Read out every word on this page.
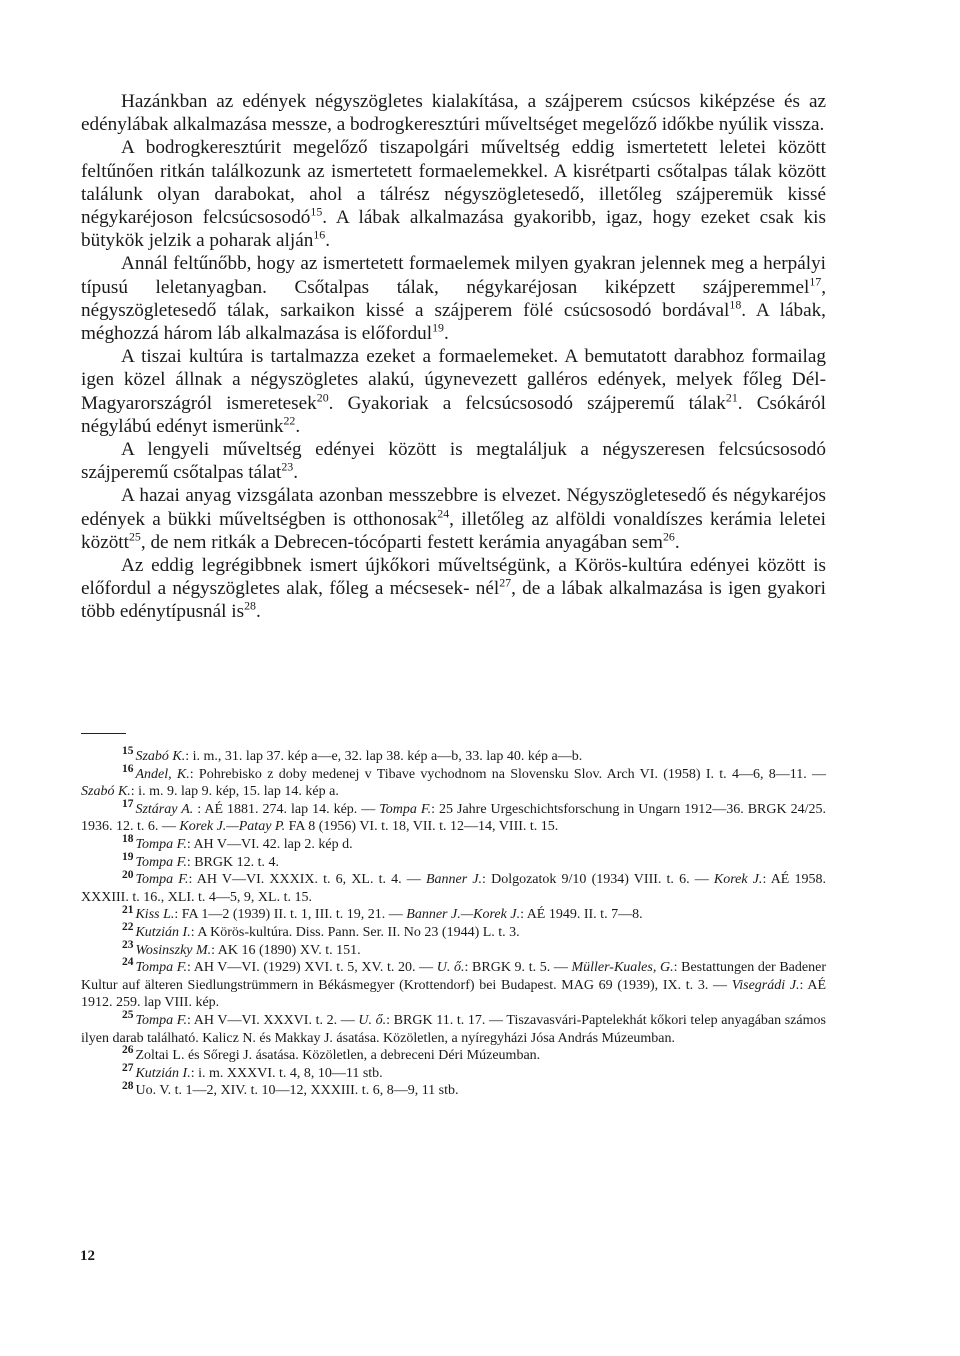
Hazánkban az edények négyszögletes kialakítása, a szájperem csúcsos kiképzése és az edénylábak alkalmazása messze, a bodrogkeresztúri műveltséget megelőző időkbe nyúlik vissza.

A bodrogkeresztúrit megelőző tiszapolgári műveltség eddig ismertetett leletei között feltűnően ritkán találkozunk az ismertetett formaelemekkel. A kisrétparti csőtalpas tálak között találunk olyan darabokat, ahol a tálrész négyszögletesedő, illetőleg szájperemük kissé négykaréjoson felcsúcsosodó$^{15}$. A lábak alkalmazása gyakoribb, igaz, hogy ezeket csak kis bütykök jelzik a poharak alján$^{16}$.

Annál feltűnőbb, hogy az ismertetett formaelemek milyen gyakran jelennek meg a herpályi típusú leletanyagban. Csőtalpas tálak, négykaréjosan kiképzett szájperemmel$^{17}$, négyszögletesedő tálak, sarkaikon kissé a szájperem fölé csúcsosodó bordával$^{18}$. A lábak, méghozzá három láb alkalmazása is előfordul$^{19}$.

A tiszai kultúra is tartalmazza ezeket a formaelemeket. A bemutatott darabhoz formailag igen közel állnak a négyszögletes alakú, úgynevezett galléros edények, melyek főleg Dél-Magyarországról ismeretesek$^{20}$. Gyakoriak a felcsúcsosodó szájperemű tálak$^{21}$. Csókáról négylábú edényt ismerünk$^{22}$.

A lengyeli műveltség edényei között is megtaláljuk a négyszeresen felcsúcsosodó szájperemű csőtalpas tálat$^{23}$.

A hazai anyag vizsgálata azonban messzebbre is elvezet. Négyszögletesedő és négykaréjos edények a bükki műveltségben is otthonosak$^{24}$, illetőleg az alföldi vonaldíszes kerámia leletei között$^{25}$, de nem ritkák a Debrecen-tócóparti festett kerámia anyagában sem$^{26}$.

Az eddig legrégibbnek ismert újkőkori műveltségünk, a Körös-kultúra edényei között is előfordul a négyszögletes alak, főleg a mécsesek- nél$^{27}$, de a lábak alkalmazása is igen gyakori több edénytípusnál $is^{28}$.

$^{15}$ Szabó K.: i. m., 31. lap 37. kép a—e, 32. lap 38. kép a—b, 33. lap 40. kép a—b.

$^{16}$ Andel, K.: Pohrebisko z doby medenej v Tibave vychodnom na Slovensku Slov. Arch VI. (1958) I. t. 4—6, 8—11. — Szabó K.: i. m. 9. lap 9. kép, 15. lap 14. kép a.

$^{17}$ Sztáray A. : AÉ 1881. 274. lap 14. kép. — Tompa F.: 25 Jahre Urgeschichtsforschung in Ungarn 1912—36. BRGK 24/25. 1936. 12. t. 6. — Korek J.—Patay P. FA 8 (1956) VI. t. 18, VII. t. 12—14, VIII. t. 15.

$^{18}$ Tompa F.: AH V—VI. 42. lap 2. kép d.

$^{19}$ Tompa F.: BRGK 12. t. 4.

$^{20}$ Tompa F.: AH V—VI. XXXIX. t. 6, XL. t. 4. — Banner J.: Dolgozatok 9/10 (1934) VIII. t. 6. — Korek J.: AÉ 1958. XXXIII. t. 16., XLI. t. 4—5, 9, XL. t. 15.

$^{21}$ Kiss L.: FA 1—2 (1939) II. t. 1, III. t. 19, 21. — Banner J.—Korek J.: AÉ 1949. II. t. 7—8.

$^{22}$ Kutzián I.: A Körös-kultúra. Diss. Pann. Ser. II. No 23 (1944) L. t. 3.

$^{23}$ Wosinszky M.: AK 16 (1890) XV. t. 151.

$^{24}$ Tompa F.: AH V—VI. (1929) XVI. t. 5, XV. t. 20. — U. ő.: BRGK 9. t. 5. — Müller-Kuales, G.: Bestattungen der Badener Kultur auf älteren Siedlungstrümmern in Békásmegyer (Krottendorf) bei Budapest. MAG 69 (1939), IX. t. 3. — Visegrádi J.: AÉ 1912. 259. lap VIII. kép.

$^{25}$ Tompa F.: AH V—VI. XXXVI. t. 2. — U. ő.: BRGK 11. t. 17. — Tiszavasvári-Paptelekhát kőkori telep anyagában számos ilyen darab található. Kalicz N. és Makkay J. ásatása. Közöletlen, a nyíregyházi Jósa András Múzeumban.

$^{26}$ Zoltai L. és Sőregi J. ásatása. Közöletlen, a debreceni Déri Múzeumban.

$^{27}$ Kutzián I.: i. m. XXXVI. t. 4, 8, 10—11 stb.

$^{28}$ Uo. V. t. 1—2, XIV. t. 10—12, XXXIII. t. 6, 8—9, 11 stb.

12
